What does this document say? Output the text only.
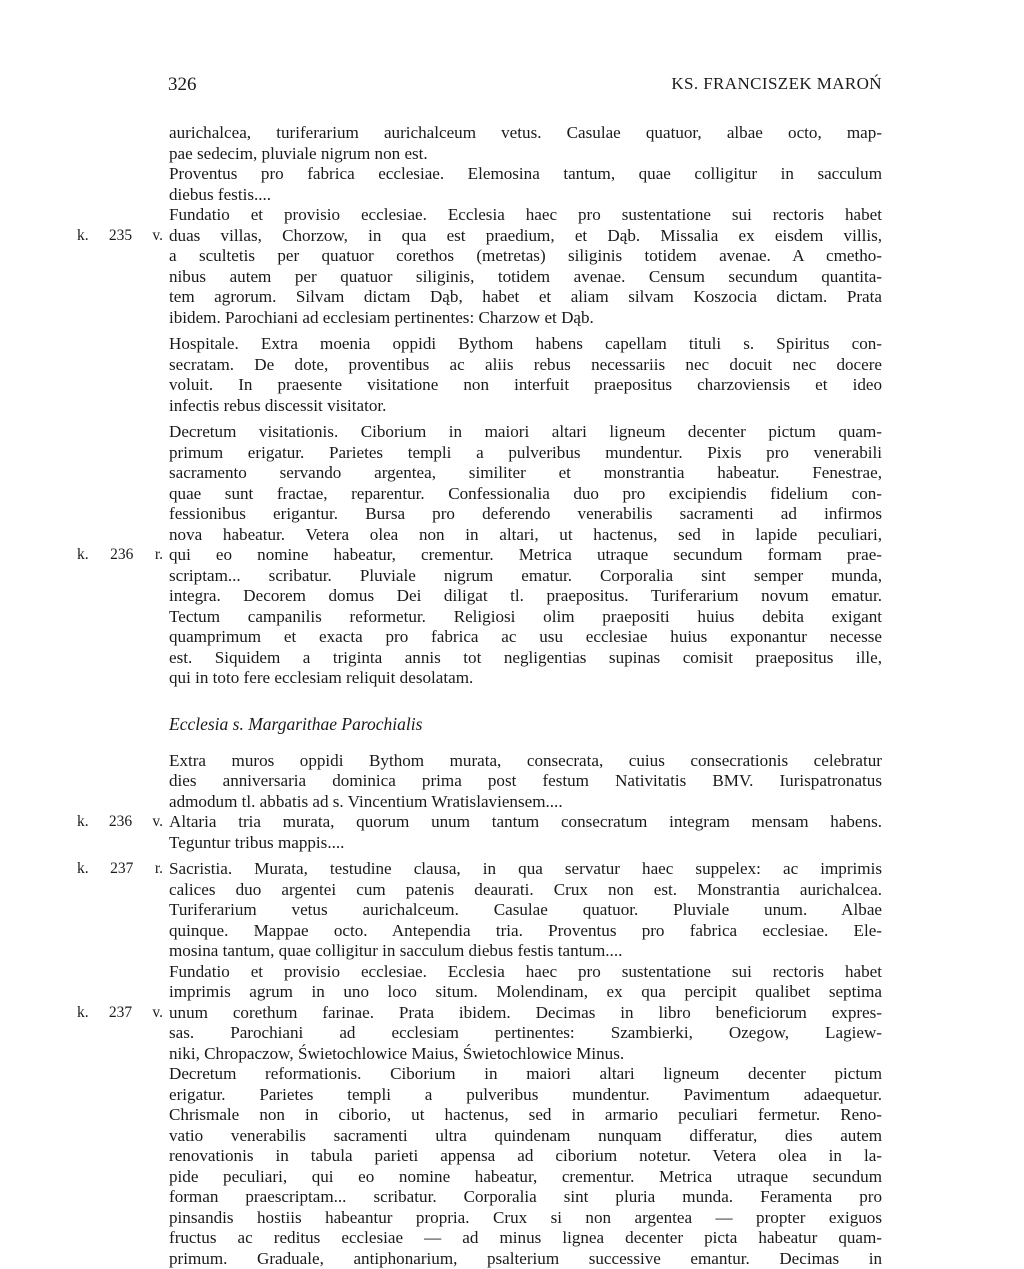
326	KS. FRANCISZEK MAROŃ
aurichalcea, turiferarium aurichalceum vetus. Casulae quatuor, albae octo, map-
pae sedecim, pluviale nigrum non est.
Proventus pro fabrica ecclesiae. Elemosina tantum, quae colligitur in sacculum
diebus festis....
Fundatio et provisio ecclesiae. Ecclesia haec pro sustentatione sui rectoris habet
k. 235 v. duas villas, Chorzow, in qua est praedium, et Dąb. Missalia ex eisdem villis,
a scultetis per quatuor corethos (metretas) siliginis totidem avenae. A cmetho-
nibus autem per quatuor siliginis, totidem avenae. Censum secundum quantita-
tem agrorum. Silvam dictam Dąb, habet et aliam silvam Koszocia dictam. Prata
ibidem. Parochiani ad ecclesiam pertinentes: Charzow et Dąb.
Hospitale. Extra moenia oppidi Bythom habens capellam tituli s. Spiritus con-
secratam. De dote, proventibus ac aliis rebus necessariis nec docuit nec docere
voluit. In praesente visitatione non interfuit praepositus charzoviensis et ideo
infectis rebus discessit visitator.
Decretum visitationis. Ciborium in maiori altari ligneum decenter pictum quam-
primum erigatur. Parietes templi a pulveribus mundentur. Pixis pro venerabili
sacramento servando argentea, similiter et monstrantia habeatur. Fenestrae,
quae sunt fractae, reparentur. Confessionalia duo pro excipiendis fidelium con-
fessionibus erigantur. Bursa pro deferendo venerabilis sacramenti ad infirmos
nova habeatur. Vetera olea non in altari, ut hactenus, sed in lapide peculiari,
k. 236 r. qui eo nomine habeatur, crementur. Metrica utraque secundum formam prae-
scriptam... scribatur. Pluviale nigrum ematur. Corporalia sint semper munda,
integra. Decorem domus Dei diligat tl. praepositus. Turiferarium novum ematur.
Tectum campanilis reformetur. Religiosi olim praepositi huius debita exigant
quamprimum et exacta pro fabrica ac usu ecclesiae huius exponantur necesse
est. Siquidem a triginta annis tot negligentias supinas comisit praepositus ille,
qui in toto fere ecclesiam reliquit desolatam.
Ecclesia s. Margarithae Parochialis
Extra muros oppidi Bythom murata, consecrata, cuius consecrationis celebratur
dies anniversaria dominica prima post festum Nativitatis BMV. Iurispatronatus
admodum tl. abbatis ad s. Vincentium Wratislaviensem....
k. 236 v. Altaria tria murata, quorum unum tantum consecratum integram mensam habens.
Teguntur tribus mappis....
k. 237 r. Sacristia. Murata, testudine clausa, in qua servatur haec suppelex: ac imprimis
calices duo argentei cum patenis deaurati. Crux non est. Monstrantia aurichalcea.
Turiferarium vetus aurichalceum. Casulae quatuor. Pluviale unum. Albae
quinque. Mappae octo. Antependia tria. Proventus pro fabrica ecclesiae. Ele-
mosina tantum, quae colligitur in sacculum diebus festis tantum....
Fundatio et provisio ecclesiae. Ecclesia haec pro sustentatione sui rectoris habet
imprimis agrum in uno loco situm. Molendinam, ex qua percipit qualibet septima
k. 237 v. unum corethum farinae. Prata ibidem. Decimas in libro beneficiorum expres-
sas. Parochiani ad ecclesiam pertinentes: Szambierki, Ozegow, Lagiew-
niki, Chropaczow, Świetochlowice Maius, Świetochlowice Minus.
Decretum reformationis. Ciborium in maiori altari ligneum decenter pictum
erigatur. Parietes templi a pulveribus mundentur. Pavimentum adaequetur.
Chrismale non in ciborio, ut hactenus, sed in armario peculiari fermetur. Reno-
vatio venerabilis sacramenti ultra quindenam nunquam differatur, dies autem
renovationis in tabula parieti appensa ad ciborium notetur. Vetera olea in la-
pide peculiari, qui eo nomine habeatur, crementur. Metrica utraque secundum
forman praescriptam... scribatur. Corporalia sint pluria munda. Feramenta pro
pinsandis hostiis habeantur propria. Crux si non argentea — propter exiguos
fructus ac reditus ecclesiae — ad minus lignea decenter picta habeatur quam-
primum. Graduale, antiphonarium, psalterium successive emantur. Decimas in
